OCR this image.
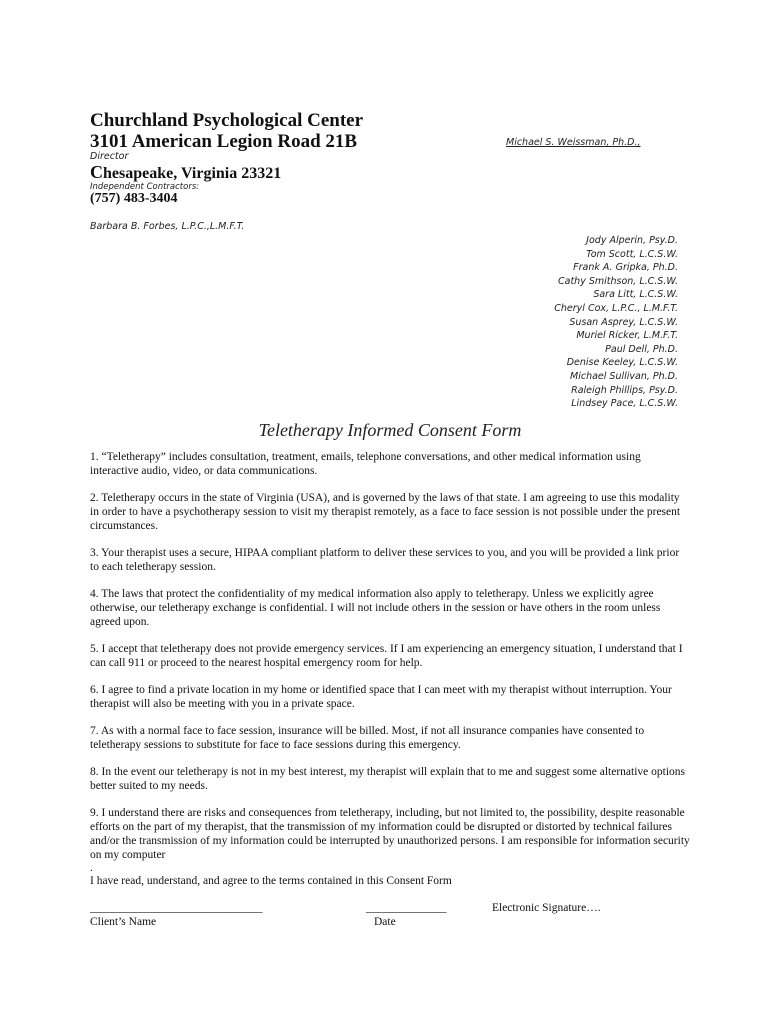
Churchland Psychological Center
3101 American Legion Road 21B	Michael S. Weissman, Ph.D.,
Director
Chesapeake, Virginia 23321
Independent Contractors:
(757) 483-3404
Barbara B. Forbes, L.P.C.,L.M.F.T.
Jody Alperin, Psy.D.
Tom Scott, L.C.S.W.
Frank A. Gripka, Ph.D.
Cathy Smithson, L.C.S.W.
Sara Litt, L.C.S.W.
Cheryl Cox, L.P.C., L.M.F.T.
Susan Asprey, L.C.S.W.
Muriel Ricker, L.M.F.T.
Paul Dell, Ph.D.
Denise Keeley, L.C.S.W.
Michael Sullivan, Ph.D.
Raleigh Phillips, Psy.D.
Lindsey Pace, L.C.S.W.
Teletherapy Informed Consent Form

1. “Teletherapy” includes consultation, treatment, emails, telephone conversations, and other medical information using interactive audio, video, or data communications.

2. Teletherapy occurs in the state of Virginia (USA), and is governed by the laws of that state. I am agreeing to use this modality in order to have a psychotherapy session to visit my therapist remotely, as a face to face session is not possible under the present circumstances.

3. Your therapist uses a secure, HIPAA compliant platform to deliver these services to you, and you will be provided a link prior to each teletherapy session.

4. The laws that protect the confidentiality of my medical information also apply to teletherapy. Unless we explicitly agree otherwise, our teletherapy exchange is confidential. I will not include others in the session or have others in the room unless agreed upon.

5. I accept that teletherapy does not provide emergency services. If I am experiencing an emergency situation, I understand that I can call 911 or proceed to the nearest hospital emergency room for help.

6. I agree to find a private location in my home or identified space that I can meet with my therapist without interruption. Your therapist will also be meeting with you in a private space.

7. As with a normal face to face session, insurance will be billed. Most, if not all insurance companies have consented to teletherapy sessions to substitute for face to face sessions during this emergency.

8. In the event our teletherapy is not in my best interest, my therapist will explain that to me and suggest some alternative options better suited to my needs.

9. I understand there are risks and consequences from teletherapy, including, but not limited to, the possibility, despite reasonable efforts on the part of my therapist, that the transmission of my information could be disrupted or distorted by technical failures and/or the transmission of my information could be interrupted by unauthorized persons. I am responsible for information security on my computer

.
I have read, understand, and agree to the terms contained in this Consent Form
______________________________	______________	Electronic Signature….
Client’s Name	Date
